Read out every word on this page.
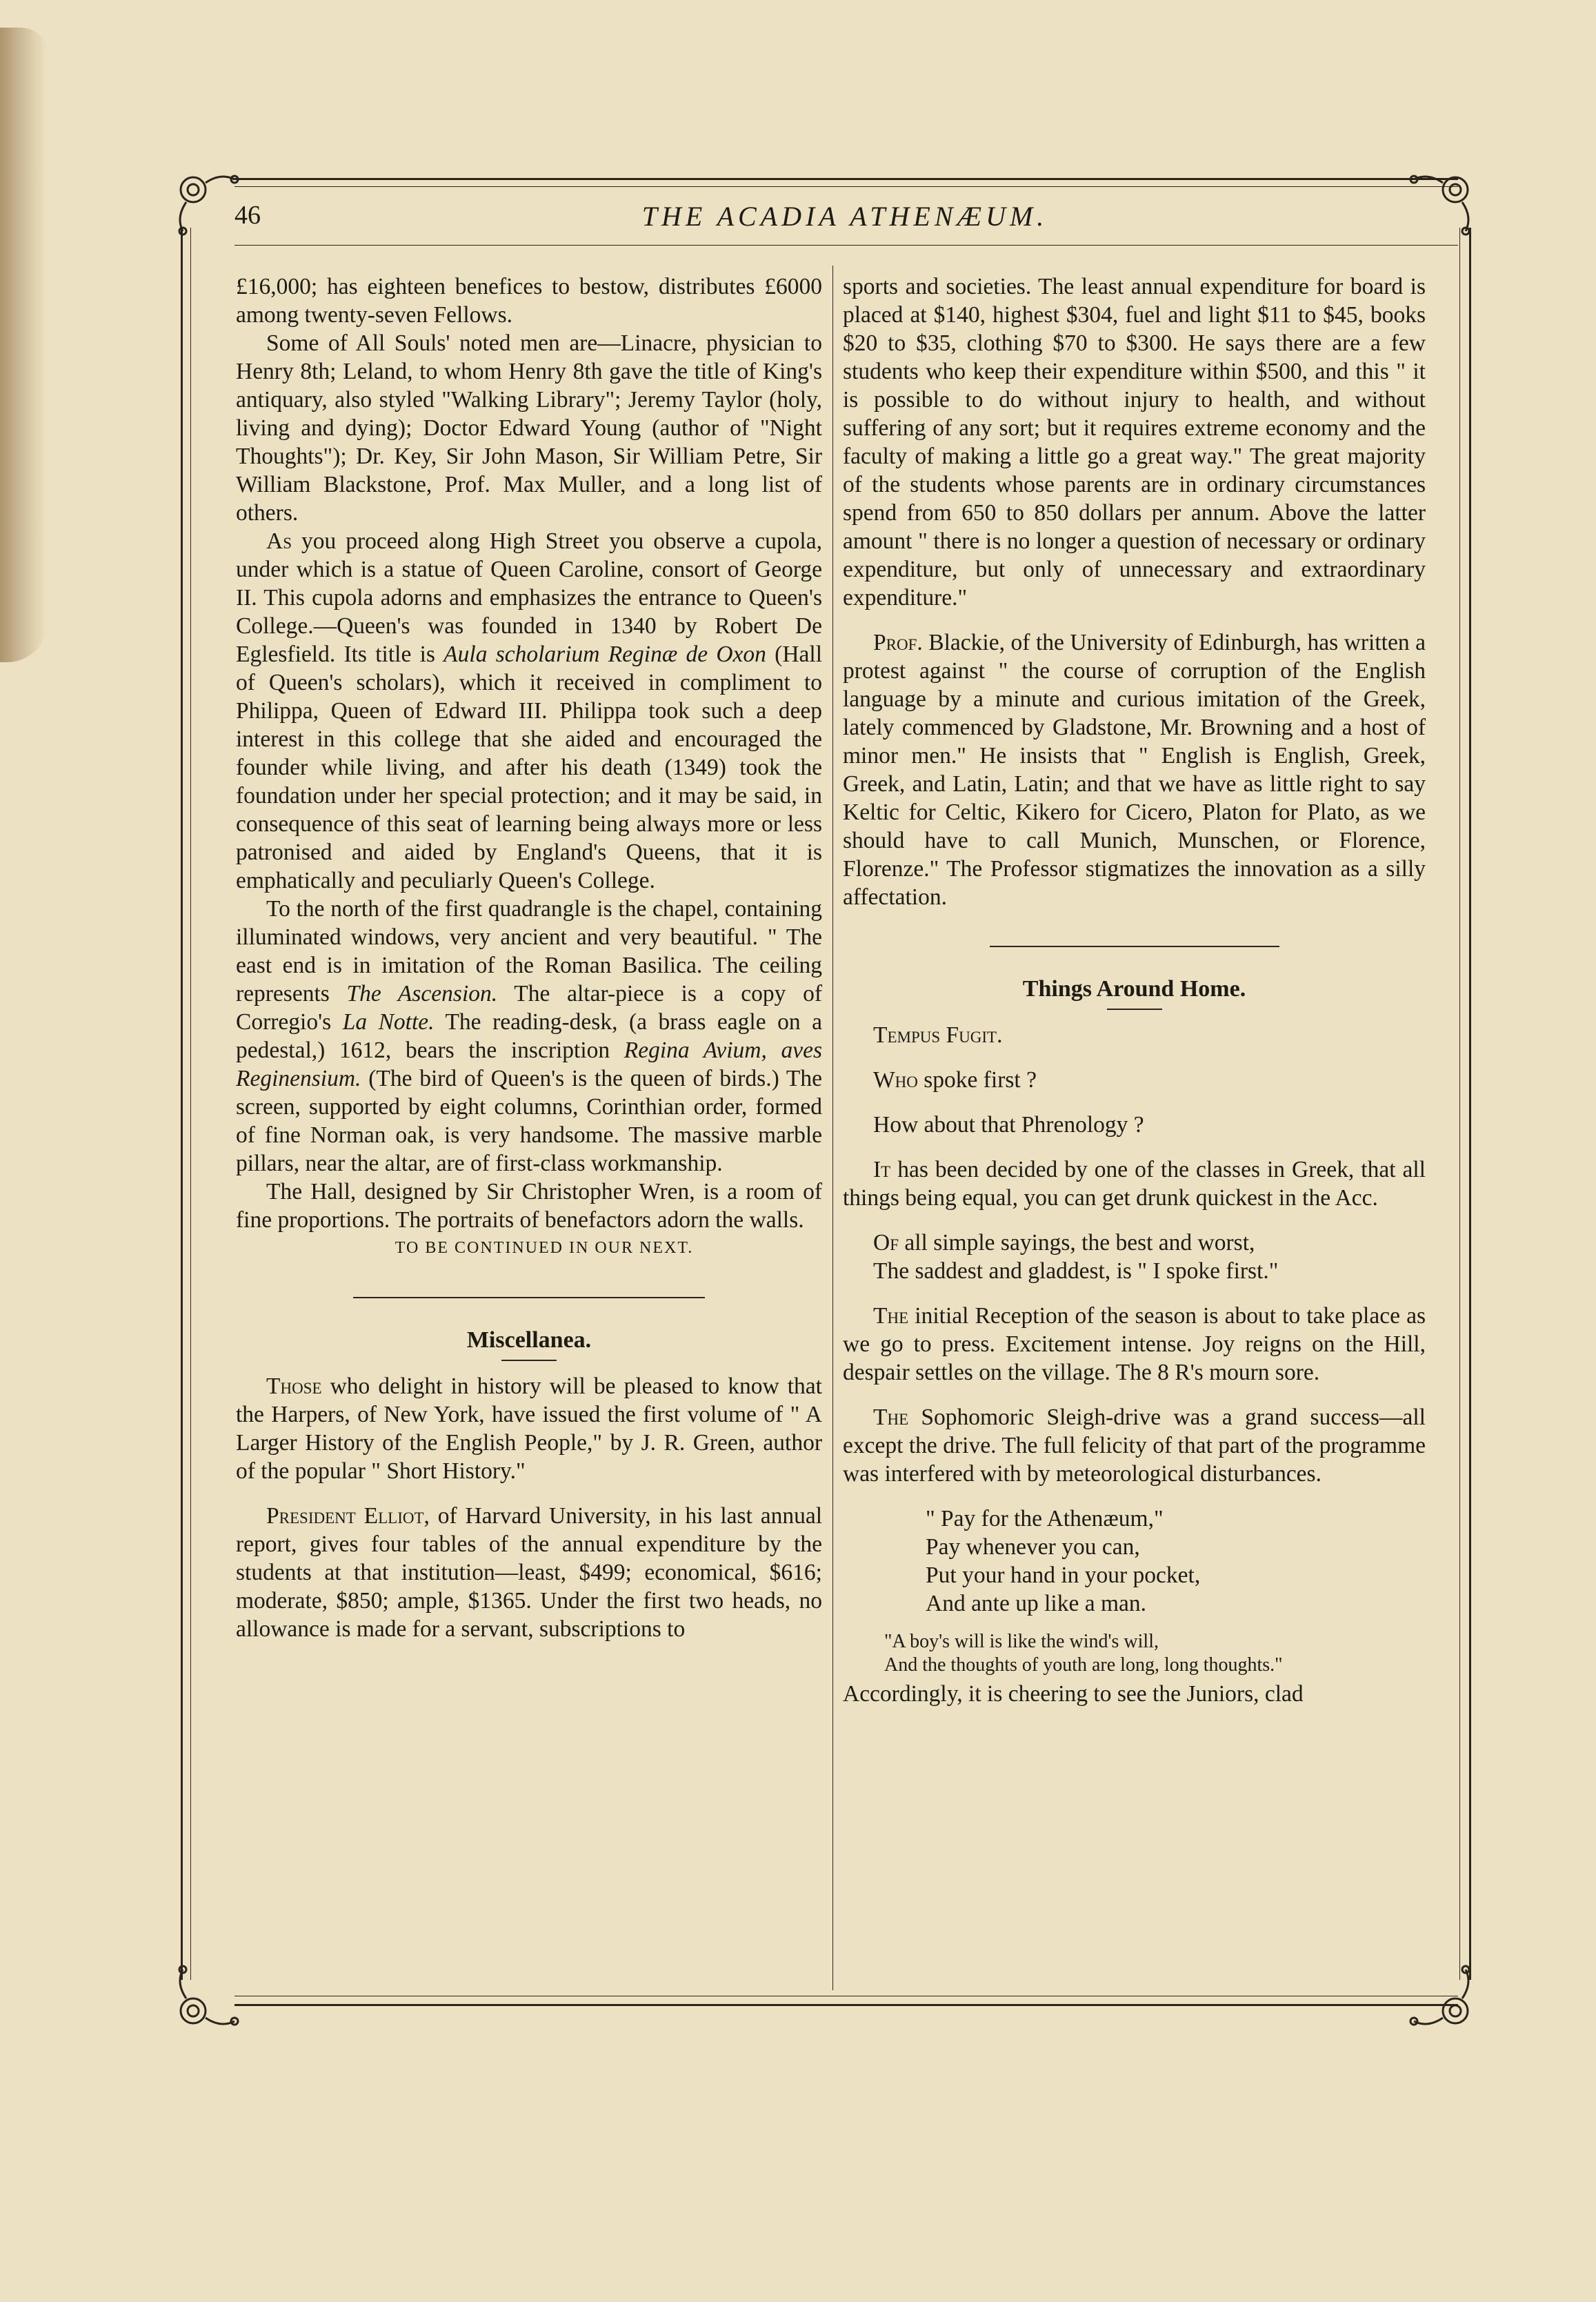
46	THE ACADIA ATHENÆUM.

£16,000; has eighteen benefices to bestow, distributes £6000 among twenty-seven Fellows.

Some of All Souls' noted men are—Linacre, physician to Henry 8th; Leland, to whom Henry 8th gave the title of King's antiquary, also styled "Walking Library"; Jeremy Taylor (holy, living and dying); Doctor Edward Young (author of "Night Thoughts"); Dr. Key, Sir John Mason, Sir William Petre, Sir William Blackstone, Prof. Max Muller, and a long list of others.

As you proceed along High Street you observe a cupola, under which is a statue of Queen Caroline, consort of George II. This cupola adorns and emphasizes the entrance to Queen's College.—Queen's was founded in 1340 by Robert De Eglesfield. Its title is Aula scholarium Reginæ de Oxon (Hall of Queen's scholars), which it received in compliment to Philippa, Queen of Edward III. Philippa took such a deep interest in this college that she aided and encouraged the founder while living, and after his death (1349) took the foundation under her special protection; and it may be said, in consequence of this seat of learning being always more or less patronised and aided by England's Queens, that it is emphatically and peculiarly Queen's College.

To the north of the first quadrangle is the chapel, containing illuminated windows, very ancient and very beautiful. " The east end is in imitation of the Roman Basilica. The ceiling represents The Ascension. The altar-piece is a copy of Corregio's La Notte. The reading-desk, (a brass eagle on a pedestal,) 1612, bears the inscription Regina Avium, aves Reginensium. (The bird of Queen's is the queen of birds.) The screen, supported by eight columns, Corinthian order, formed of fine Norman oak, is very handsome. The massive marble pillars, near the altar, are of first-class workmanship.

The Hall, designed by Sir Christopher Wren, is a room of fine proportions. The portraits of benefactors adorn the walls.

TO BE CONTINUED IN OUR NEXT.

Miscellanea.

Those who delight in history will be pleased to know that the Harpers, of New York, have issued the first volume of " A Larger History of the English People," by J. R. Green, author of the popular " Short History."

President Elliot, of Harvard University, in his last annual report, gives four tables of the annual expenditure by the students at that institution—least, $499; economical, $616; moderate, $850; ample, $1365. Under the first two heads, no allowance is made for a servant, subscriptions to

sports and societies. The least annual expenditure for board is placed at $140, highest $304, fuel and light $11 to $45, books $20 to $35, clothing $70 to $300. He says there are a few students who keep their expenditure within $500, and this " it is possible to do without injury to health, and without suffering of any sort; but it requires extreme economy and the faculty of making a little go a great way." The great majority of the students whose parents are in ordinary circumstances spend from 650 to 850 dollars per annum. Above the latter amount " there is no longer a question of necessary or ordinary expenditure, but only of unnecessary and extraordinary expenditure."

Prof. Blackie, of the University of Edinburgh, has written a protest against " the course of corruption of the English language by a minute and curious imitation of the Greek, lately commenced by Gladstone, Mr. Browning and a host of minor men." He insists that " English is English, Greek, Greek, and Latin, Latin; and that we have as little right to say Keltic for Celtic, Kikero for Cicero, Platon for Plato, as we should have to call Munich, Munschen, or Florence, Florenze." The Professor stigmatizes the innovation as a silly affectation.

Things Around Home.

Tempus Fugit.

Who spoke first ?

How about that Phrenology ?

It has been decided by one of the classes in Greek, that all things being equal, you can get drunk quickest in the Acc.

Of all simple sayings, the best and worst,

The saddest and gladdest, is " I spoke first."

The initial Reception of the season is about to take place as we go to press. Excitement intense. Joy reigns on the Hill, despair settles on the village. The 8 R's mourn sore.

The Sophomoric Sleigh-drive was a grand success—all except the drive. The full felicity of that part of the programme was interfered with by meteorological disturbances.

" Pay for the Athenæum,"
Pay whenever you can,
Put your hand in your pocket,
And ante up like a man.
"A boy's will is like the wind's will,
And the thoughts of youth are long, long thoughts."

Accordingly, it is cheering to see the Juniors, clad
